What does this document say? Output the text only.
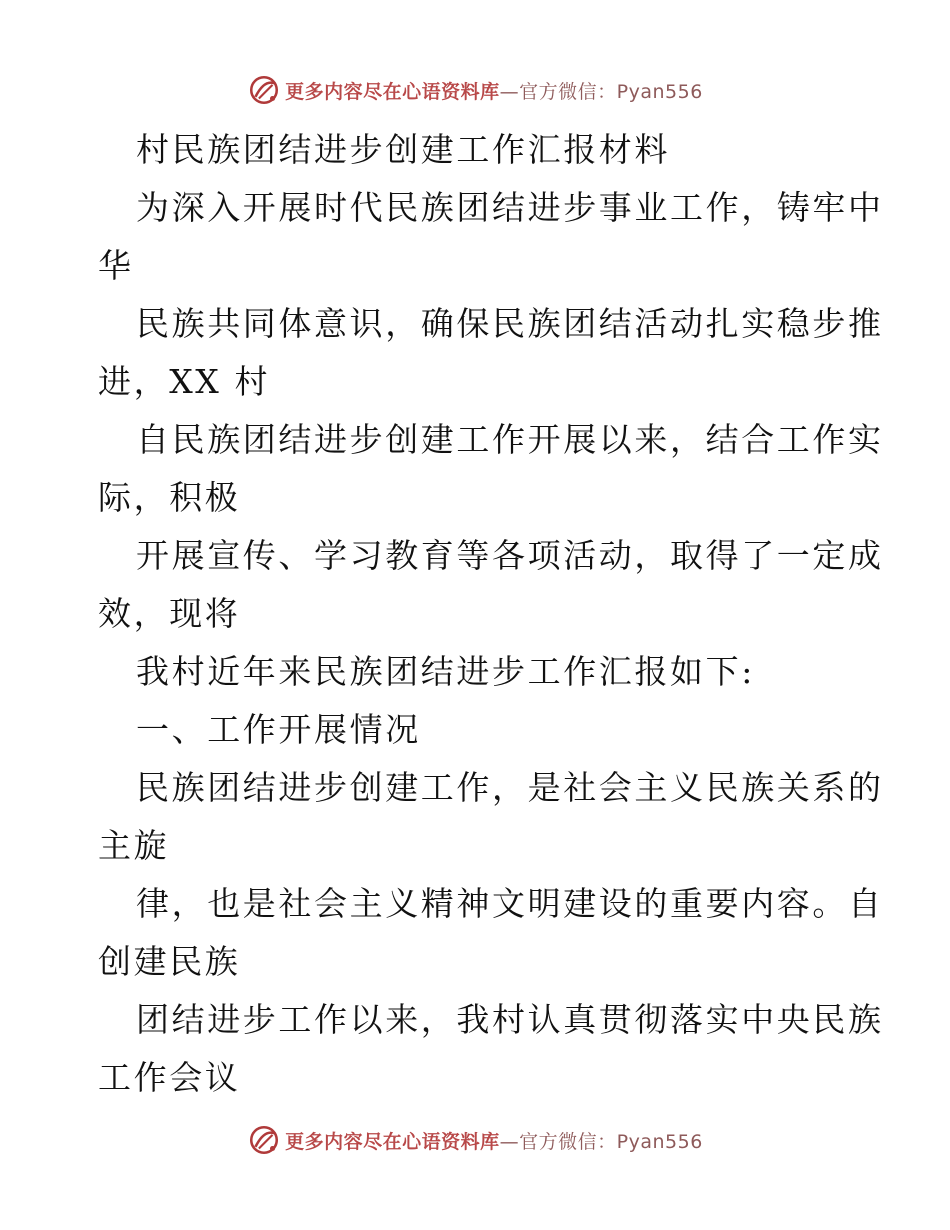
更多内容尽在心语资料库—官方微信：Pyan556
村民族团结进步创建工作汇报材料
为深入开展时代民族团结进步事业工作，铸牢中
华
民族共同体意识，确保民族团结活动扎实稳步推
进，XX 村
自民族团结进步创建工作开展以来，结合工作实
际，积极
开展宣传、学习教育等各项活动，取得了一定成
效，现将
我村近年来民族团结进步工作汇报如下:
一、工作开展情况
民族团结进步创建工作，是社会主义民族关系的
主旋
律，也是社会主义精神文明建设的重要内容。自
创建民族
团结进步工作以来，我村认真贯彻落实中央民族
工作会议
更多内容尽在心语资料库—官方微信：Pyan556
